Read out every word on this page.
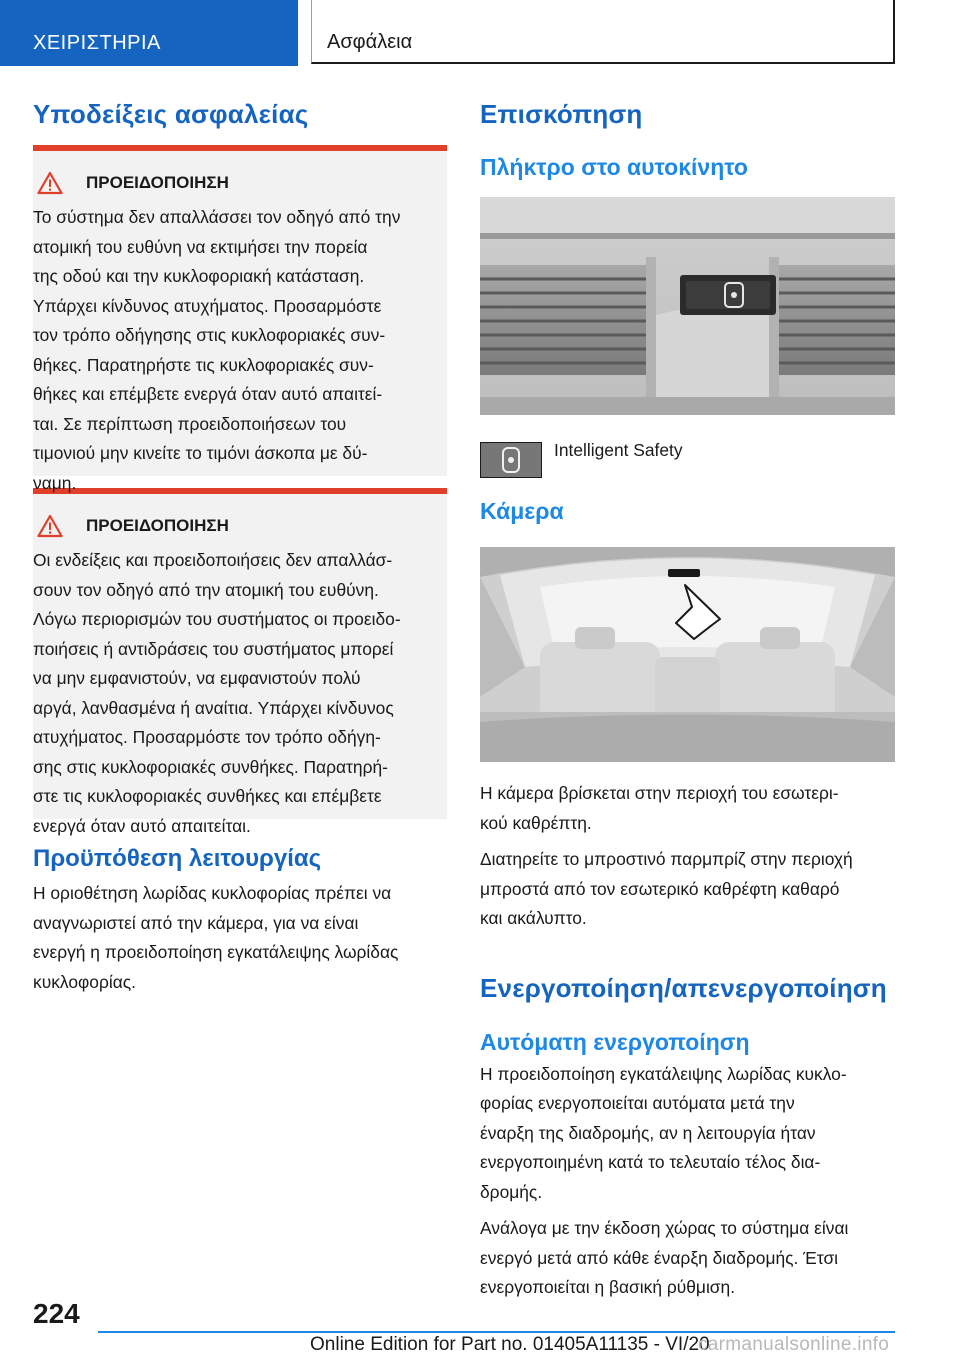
ΧΕΙΡΙΣΤΗΡΙΑ	Ασφάλεια
Υποδείξεις ασφαλείας
ΠΡΟΕΙΔΟΠΟΙΗΣΗ

Το σύστημα δεν απαλλάσσει τον οδηγό από την
ατομική του ευθύνη να εκτιμήσει την πορεία
της οδού και την κυκλοφοριακή κατάσταση.
Υπάρχει κίνδυνος ατυχήματος. Προσαρμόστε
τον τρόπο οδήγησης στις κυκλοφοριακές συν-
θήκες. Παρατηρήστε τις κυκλοφοριακές συν-
θήκες και επέμβετε ενεργά όταν αυτό απαιτεί-
ται. Σε περίπτωση προειδοποιήσεων του
τιμονιού μην κινείτε το τιμόνι άσκοπα με δύ-
ναμη.

ΠΡΟΕΙΔΟΠΟΙΗΣΗ

Οι ενδείξεις και προειδοποιήσεις δεν απαλλάσ-
σουν τον οδηγό από την ατομική του ευθύνη.
Λόγω περιορισμών του συστήματος οι προειδο-
ποιήσεις ή αντιδράσεις του συστήματος μπορεί
να μην εμφανιστούν, να εμφανιστούν πολύ
αργά, λανθασμένα ή αναίτια. Υπάρχει κίνδυνος
ατυχήματος. Προσαρμόστε τον τρόπο οδήγη-
σης στις κυκλοφοριακές συνθήκες. Παρατηρή-
στε τις κυκλοφοριακές συνθήκες και επέμβετε
ενεργά όταν αυτό απαιτείται.

Προϋπόθεση λειτουργίας

Η οριοθέτηση λωρίδας κυκλοφορίας πρέπει να
αναγνωριστεί από την κάμερα, για να είναι
ενεργή η προειδοποίηση εγκατάλειψης λωρίδας
κυκλοφορίας.

Επισκόπηση
Πλήκτρο στο αυτοκίνητο
Intelligent Safety
Κάμερα

Η κάμερα βρίσκεται στην περιοχή του εσωτερι-
κού καθρέπτη.

Διατηρείτε το μπροστινό παρμπρίζ στην περιοχή
μπροστά από τον εσωτερικό καθρέφτη καθαρό
και ακάλυπτο.

Ενεργοποίηση/απενεργοποίηση
Αυτόματη ενεργοποίηση

Η προειδοποίηση εγκατάλειψης λωρίδας κυκλο-
φορίας ενεργοποιείται αυτόματα μετά την
έναρξη της διαδρομής, αν η λειτουργία ήταν
ενεργοποιημένη κατά το τελευταίο τέλος δια-
δρομής.

Ανάλογα με την έκδοση χώρας το σύστημα είναι
ενεργό μετά από κάθε έναρξη διαδρομής. Έτσι
ενεργοποιείται η βασική ρύθμιση.

224
Online Edition for Part no. 01405A11135 - VI/20
carmanualsonline.info
